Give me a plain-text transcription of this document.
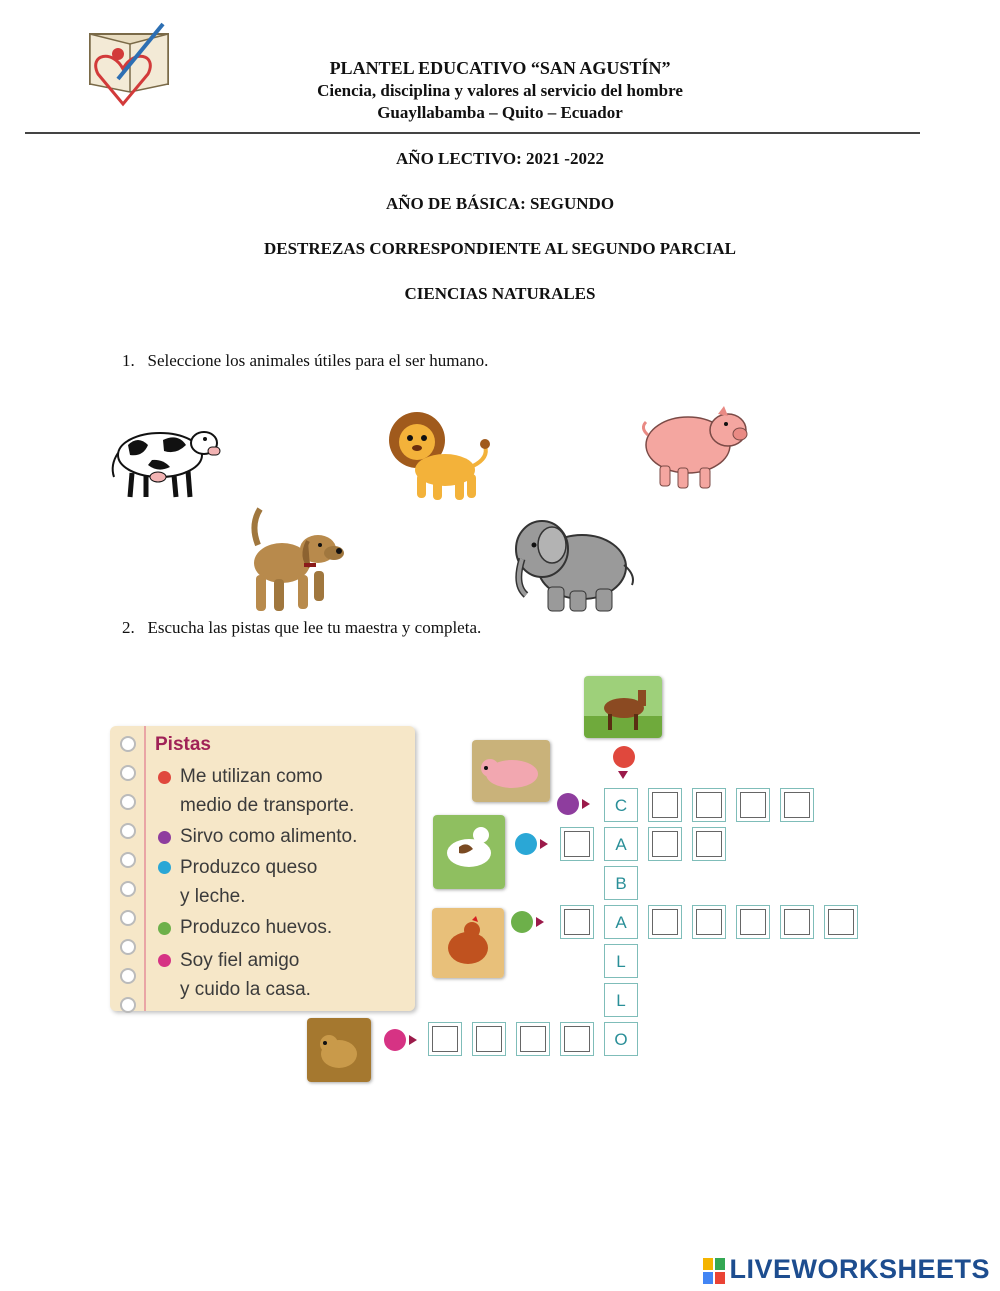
PLANTEL EDUCATIVO “SAN AGUSTÍN”
Ciencia, disciplina y valores al servicio del hombre
Guayllabamba – Quito – Ecuador
AÑO LECTIVO: 2021 -2022
AÑO DE BÁSICA: SEGUNDO
DESTREZAS CORRESPONDIENTE AL SEGUNDO PARCIAL
CIENCIAS NATURALES
1. Seleccione los animales útiles para el ser humano.
2. Escucha las pistas que lee tu maestra y completa.
Pistas
Me utilizan como
medio de transporte.
Sirvo como alimento.
Produzco queso
y leche.
Produzco huevos.
Soy fiel amigo
y cuido la casa.
C
A
B
A
L
L
O
LIVEWORKSHEETS
